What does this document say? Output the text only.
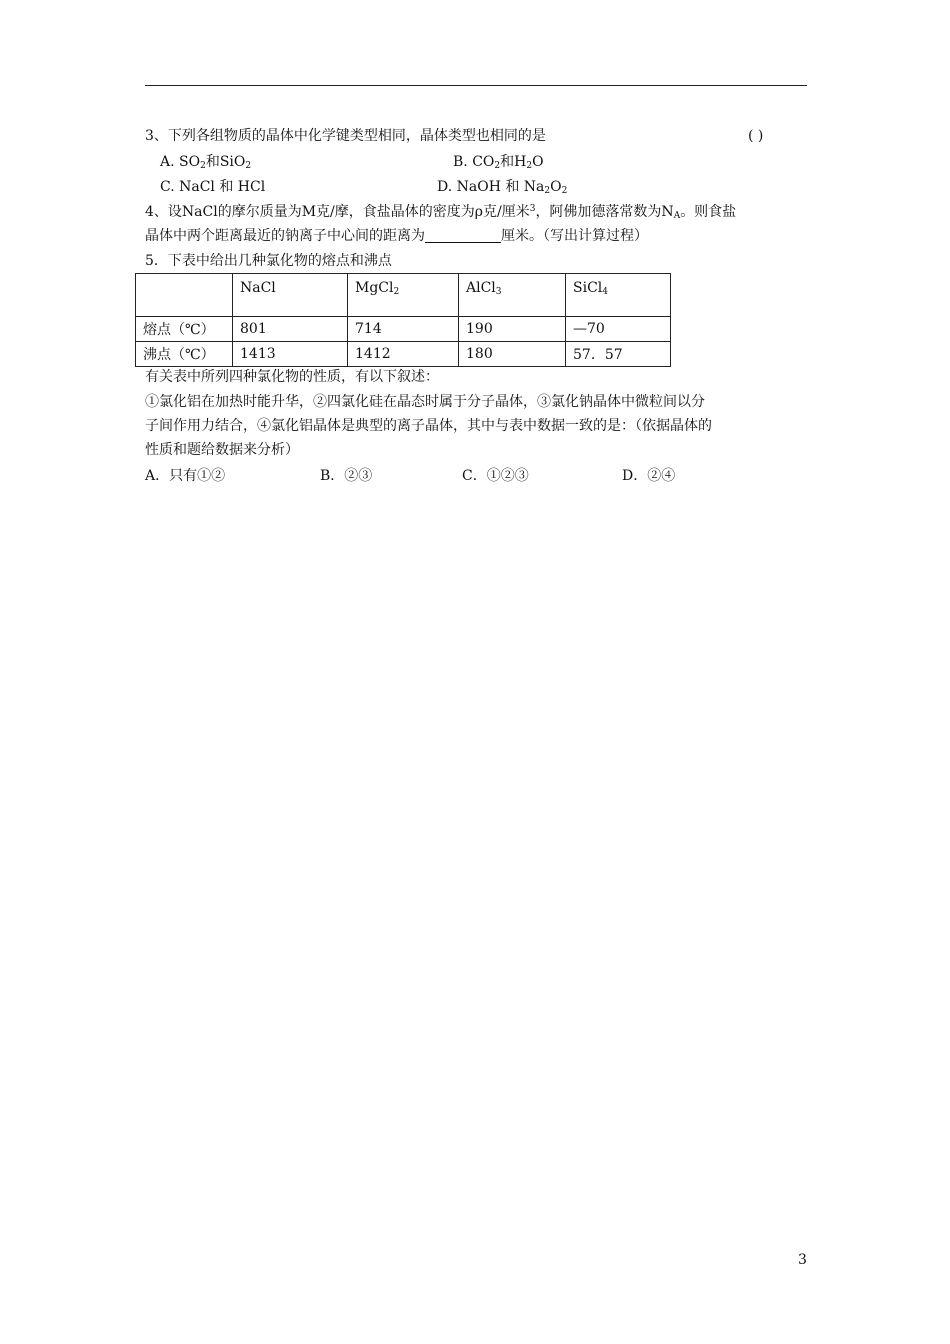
3、下列各组物质的晶体中化学键类型相同，晶体类型也相同的是	( )
A. $SO_2$和SiO$_2$	B. $CO_2$和$H_2O$
C. NaCl 和 HCl	D. NaOH 和 $Na_2O_2$
4、设NaCl的摩尔质量为M克/摩，食盐晶体的密度为ρ克/厘米$^3$，阿佛加德落常数为$N_A$。则食盐
晶体中两个距离最近的钠离子中心间的距离为	厘米。（写出计算过程）
5．下表中给出几种氯化物的熔点和沸点
	NaCl	MgCl$_2$	AlCl$_3$	SiCl$_4$
熔点（℃）	801	714	190	—70
沸点（℃）	1413	1412	180	57．57
有关表中所列四种氯化物的性质，有以下叙述：
①氯化铝在加热时能升华，②四氯化硅在晶态时属于分子晶体，③氯化钠晶体中微粒间以分
子间作用力结合，④氯化铝晶体是典型的离子晶体，其中与表中数据一致的是：（依据晶体的
性质和题给数据来分析）
A．只有①②	B．②③	C．①②③	D．②④
3
